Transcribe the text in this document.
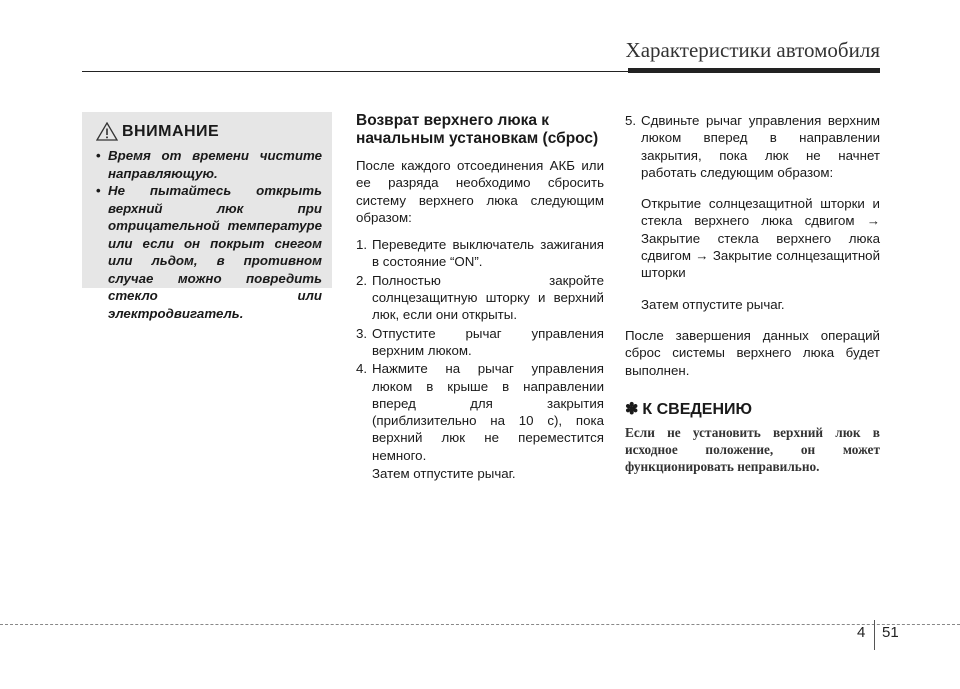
Характеристики автомобиля
ВНИМАНИЕ
• Время от времени чистите направляющую.
• Не пытайтесь открыть верхний люк при отрицательной температуре или если он покрыт снегом или льдом, в противном случае можно повредить стекло или электродвигатель.
Возврат верхнего люка к начальным установкам (сброс)

После каждого отсоединения АКБ или ее разряда необходимо сбросить систему верхнего люка следующим образом:

1. Переведите выключатель зажигания в состояние “ON”.
2. Полностью закройте солнцезащитную шторку и верхний люк, если они открыты.
3. Отпустите рычаг управления верхним люком.
4. Нажмите на рычаг управления люком в крыше в направлении вперед для закрытия (приблизительно на 10 с), пока верхний люк не переместится немного.

Затем отпустите рычаг.

5. Сдвиньте рычаг управления верхним люком вперед в направлении закрытия, пока люк не начнет работать следующим образом:

Открытие солнцезащитной шторки и стекла верхнего люка сдвигом → Закрытие стекла верхнего люка сдвигом → Закрытие солнцезащитной шторки

Затем отпустите рычаг.

После завершения данных операций сброс системы верхнего люка будет выполнен.

✽ К СВЕДЕНИЮ

Если не установить верхний люк в исходное положение, он может функционировать неправильно.

4 51
